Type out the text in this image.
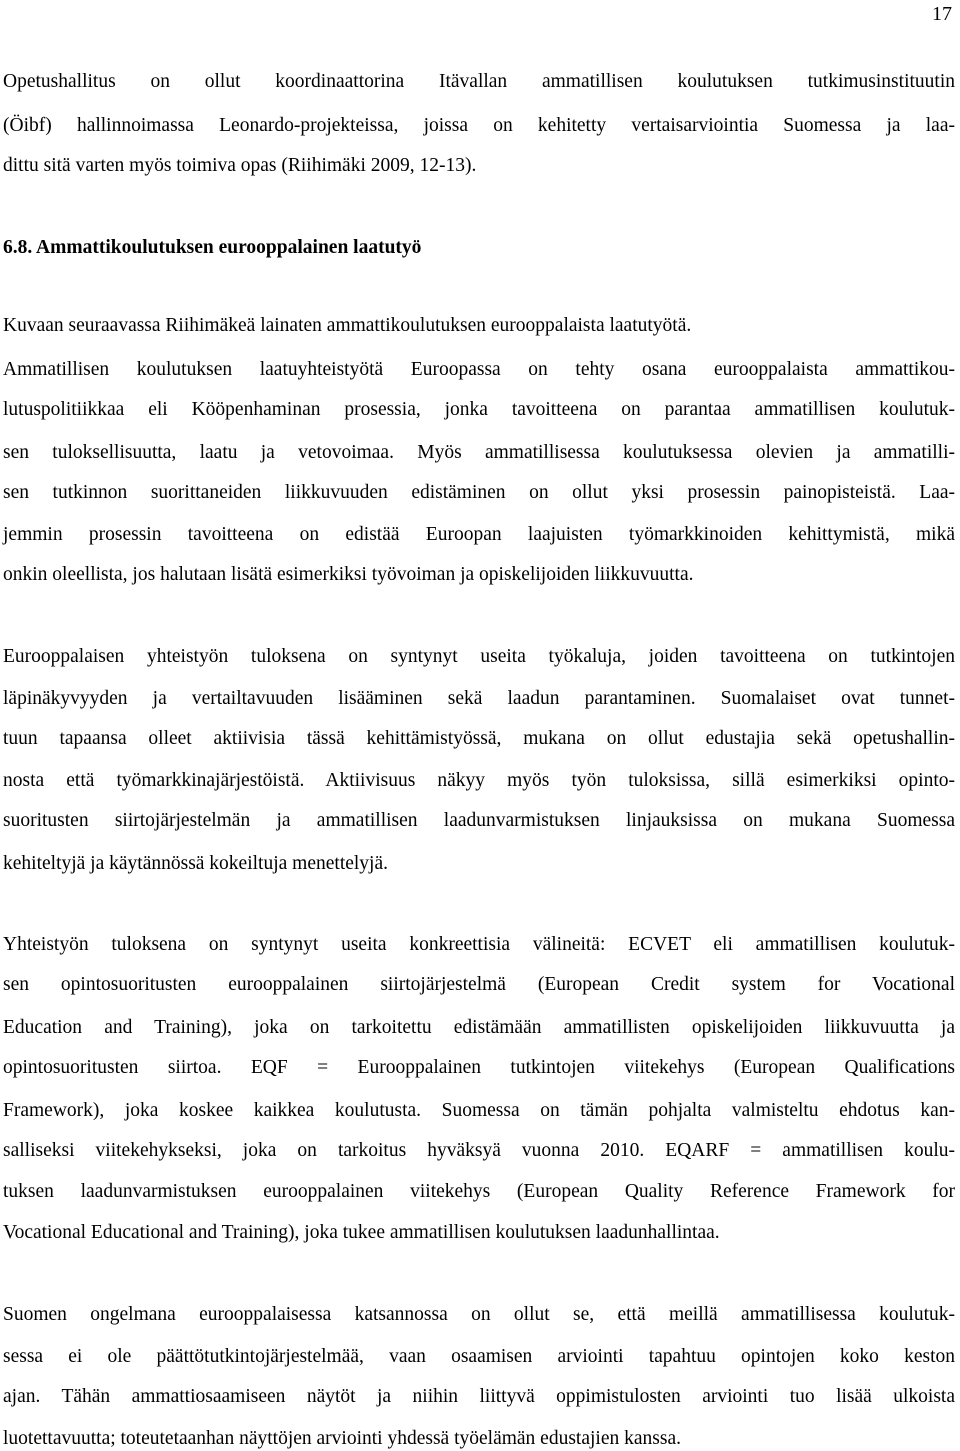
17
Opetushallitus on ollut koordinaattorina Itävallan ammatillisen koulutuksen tutkimusinstituutin
(Öibf) hallinnoimassa Leonardo-projekteissa, joissa on kehitetty vertaisarviointia Suomessa ja laa-
dittu sitä varten myös toimiva opas (Riihimäki 2009, 12-13).
6.8. Ammattikoulutuksen eurooppalainen laatutyö
Kuvaan seuraavassa Riihimäkeä lainaten ammattikoulutuksen eurooppalaista laatutyötä.
Ammatillisen koulutuksen laatuyhteistyötä Euroopassa on tehty osana eurooppalaista ammattikou-
lutuspolitiikkaa eli Kööpenhaminan prosessia, jonka tavoitteena on parantaa ammatillisen koulutuk-
sen tuloksellisuutta, laatu ja vetovoimaa. Myös ammatillisessa koulutuksessa olevien ja ammatilli-
sen tutkinnon suorittaneiden liikkuvuuden edistäminen on ollut yksi prosessin painopisteistä. Laa-
jemmin prosessin tavoitteena on edistää Euroopan laajuisten työmarkkinoiden kehittymistä, mikä
onkin oleellista, jos halutaan lisätä esimerkiksi työvoiman ja opiskelijoiden liikkuvuutta.
Eurooppalaisen yhteistyön tuloksena on syntynyt useita työkaluja, joiden tavoitteena on tutkintojen
läpinäkyvyyden ja vertailtavuuden lisääminen sekä laadun parantaminen. Suomalaiset ovat tunnet-
tuun tapaansa olleet aktiivisia tässä kehittämistyössä, mukana on ollut edustajia sekä opetushallin-
nosta että työmarkkinajärjestöistä. Aktiivisuus näkyy myös työn tuloksissa, sillä esimerkiksi opinto-
suoritusten siirtojärjestelmän ja ammatillisen laadunvarmistuksen linjauksissa on mukana Suomessa
kehiteltyjä ja käytännössä kokeiltuja menettelyjä.
Yhteistyön tuloksena on syntynyt useita konkreettisia välineitä: ECVET eli ammatillisen koulutuk-
sen opintosuoritusten eurooppalainen siirtojärjestelmä (European Credit system for Vocational
Education and Training), joka on tarkoitettu edistämään ammatillisten opiskelijoiden liikkuvuutta ja
opintosuoritusten siirtoa. EQF = Eurooppalainen tutkintojen viitekehys (European Qualifications
Framework), joka koskee kaikkea koulutusta. Suomessa on tämän pohjalta valmisteltu ehdotus kan-
salliseksi viitekehykseksi, joka on tarkoitus hyväksyä vuonna 2010. EQARF = ammatillisen koulu-
tuksen laadunvarmistuksen eurooppalainen viitekehys (European Quality Reference Framework for
Vocational Educational and Training), joka tukee ammatillisen koulutuksen laadunhallintaa.
Suomen ongelmana eurooppalaisessa katsannossa on ollut se, että meillä ammatillisessa koulutuk-
sessa ei ole päättötutkintojärjestelmää, vaan osaamisen arviointi tapahtuu opintojen koko keston
ajan. Tähän ammattiosaamiseen näytöt ja niihin liittyvä oppimistulosten arviointi tuo lisää ulkoista
luotettavuutta; toteutetaanhan näyttöjen arviointi yhdessä työelämän edustajien kanssa.
